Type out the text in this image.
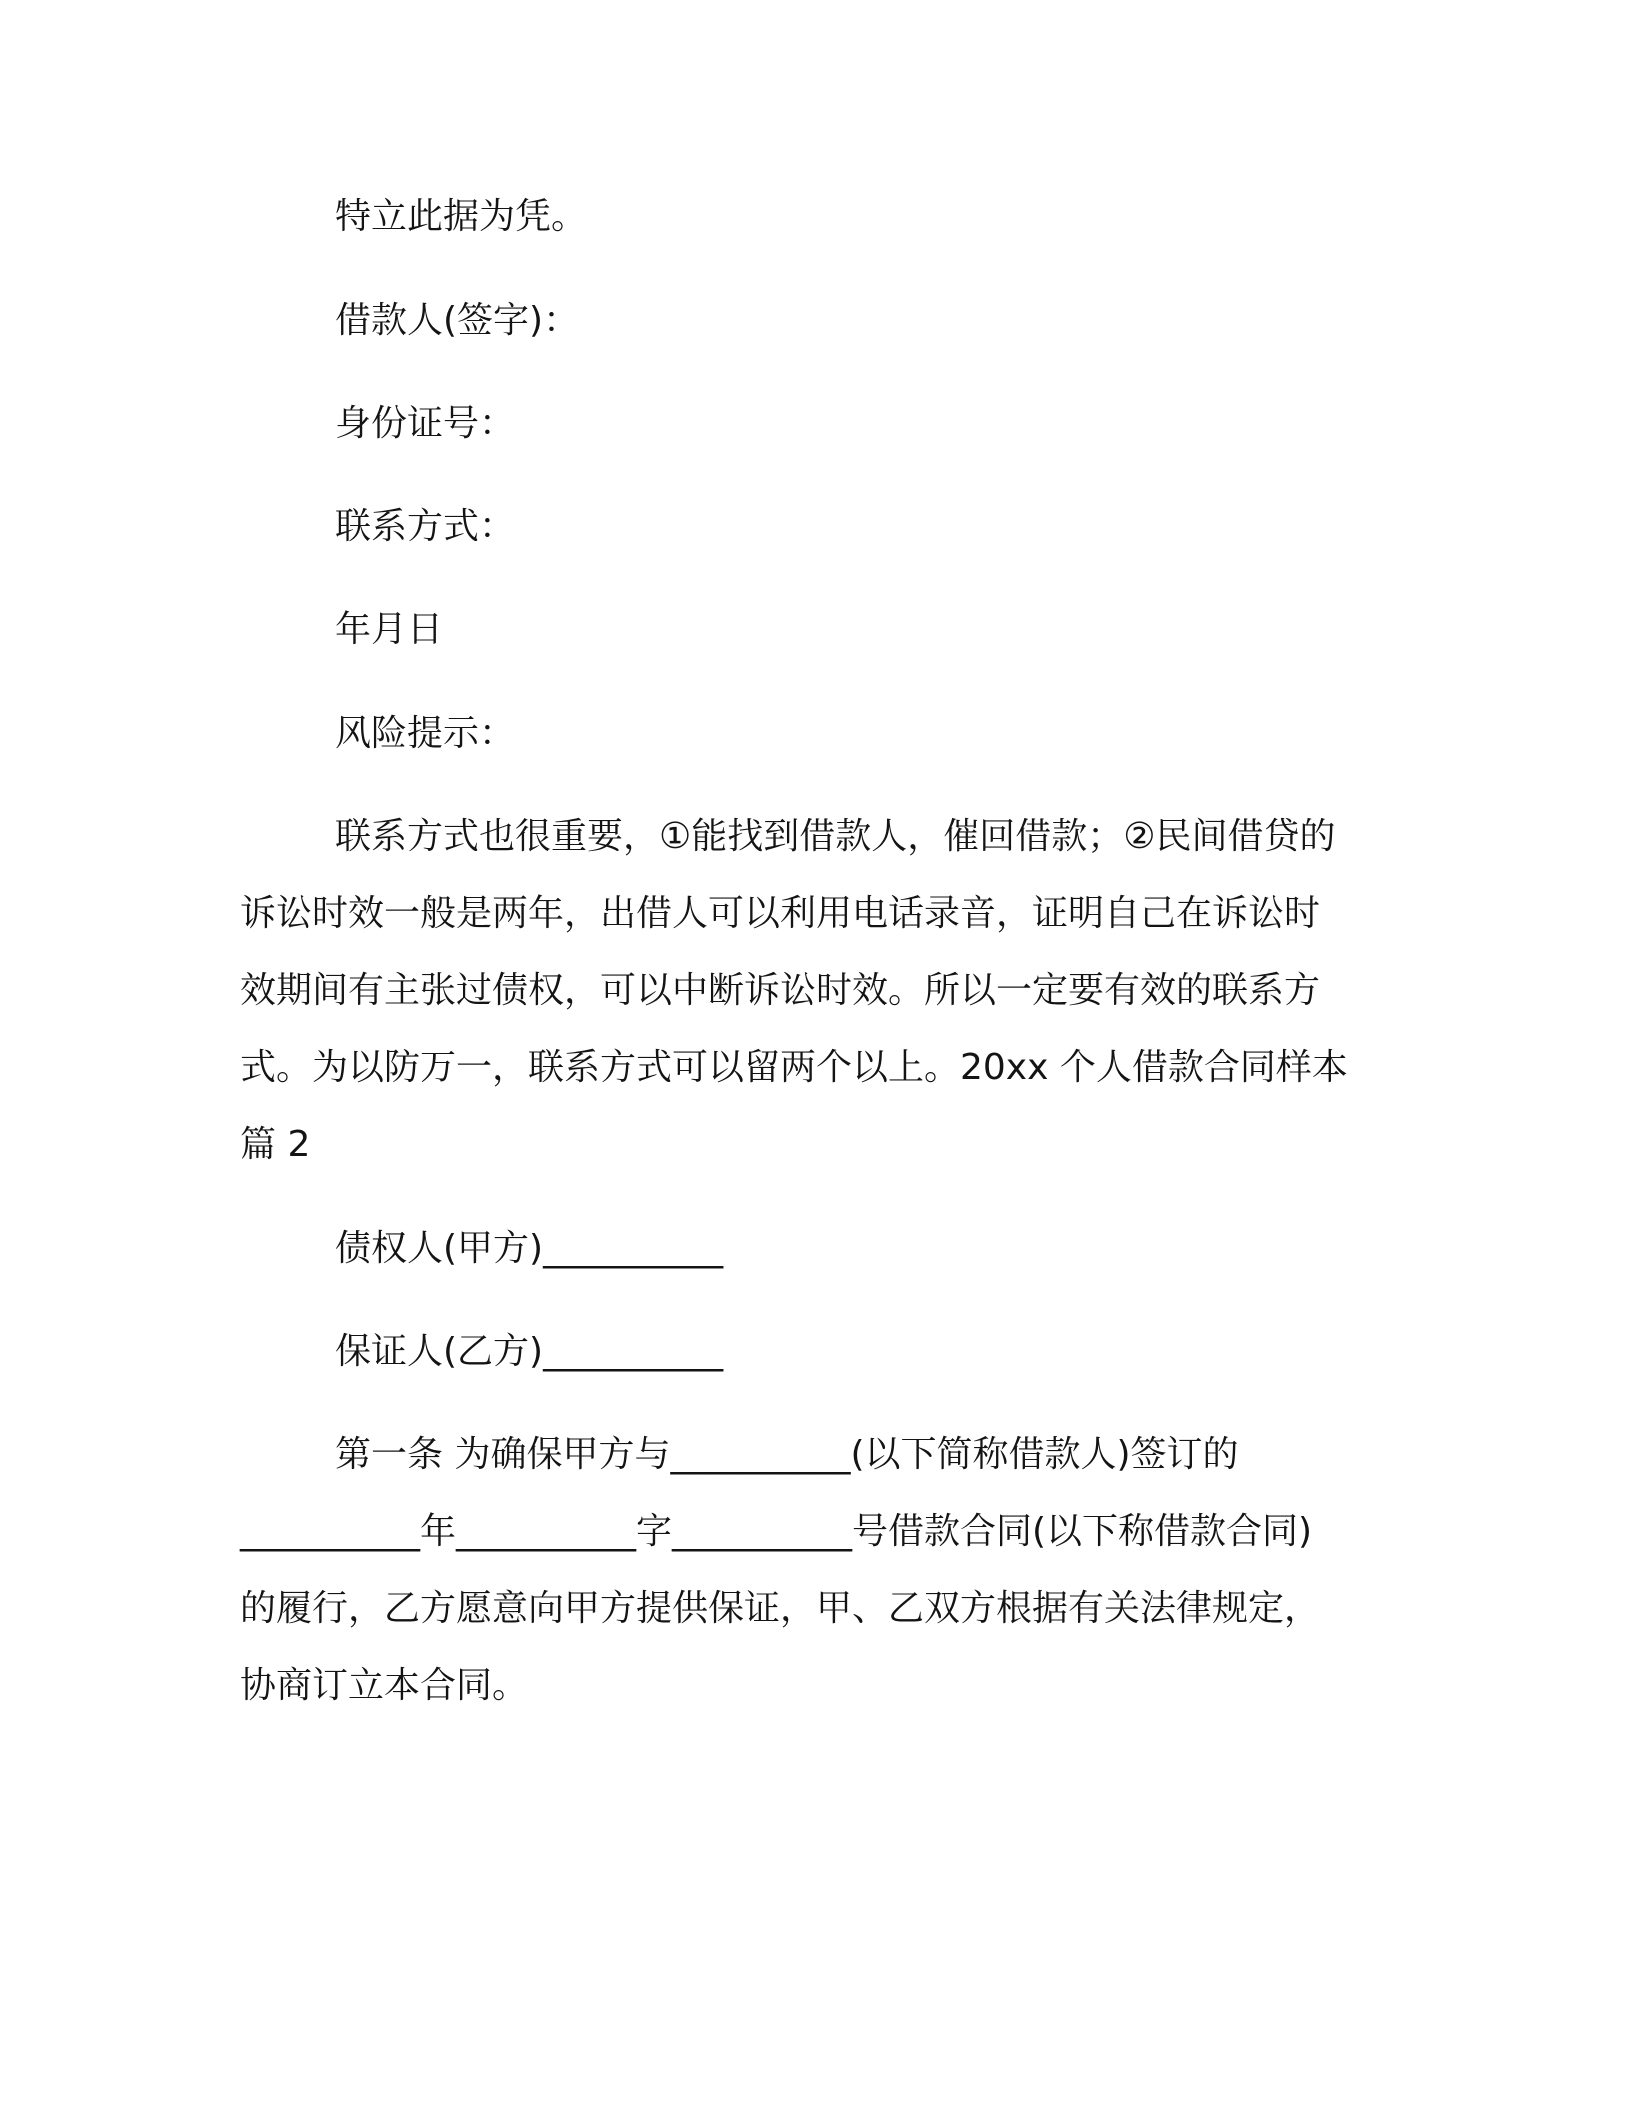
特立此据为凭。
借款人(签字)：
身份证号：
联系方式：
年月日
风险提示：
联系方式也很重要，①能找到借款人，催回借款；②民间借贷的
诉讼时效一般是两年，出借人可以利用电话录音，证明自己在诉讼时
效期间有主张过债权，可以中断诉讼时效。所以一定要有效的联系方
式。为以防万一，联系方式可以留两个以上。20xx 个人借款合同样本
篇 2
债权人(甲方)__________
保证人(乙方)__________
第一条 为确保甲方与__________(以下简称借款人)签订的
__________年__________字__________号借款合同(以下称借款合同)
的履行，乙方愿意向甲方提供保证，甲、乙双方根据有关法律规定，
协商订立本合同。
